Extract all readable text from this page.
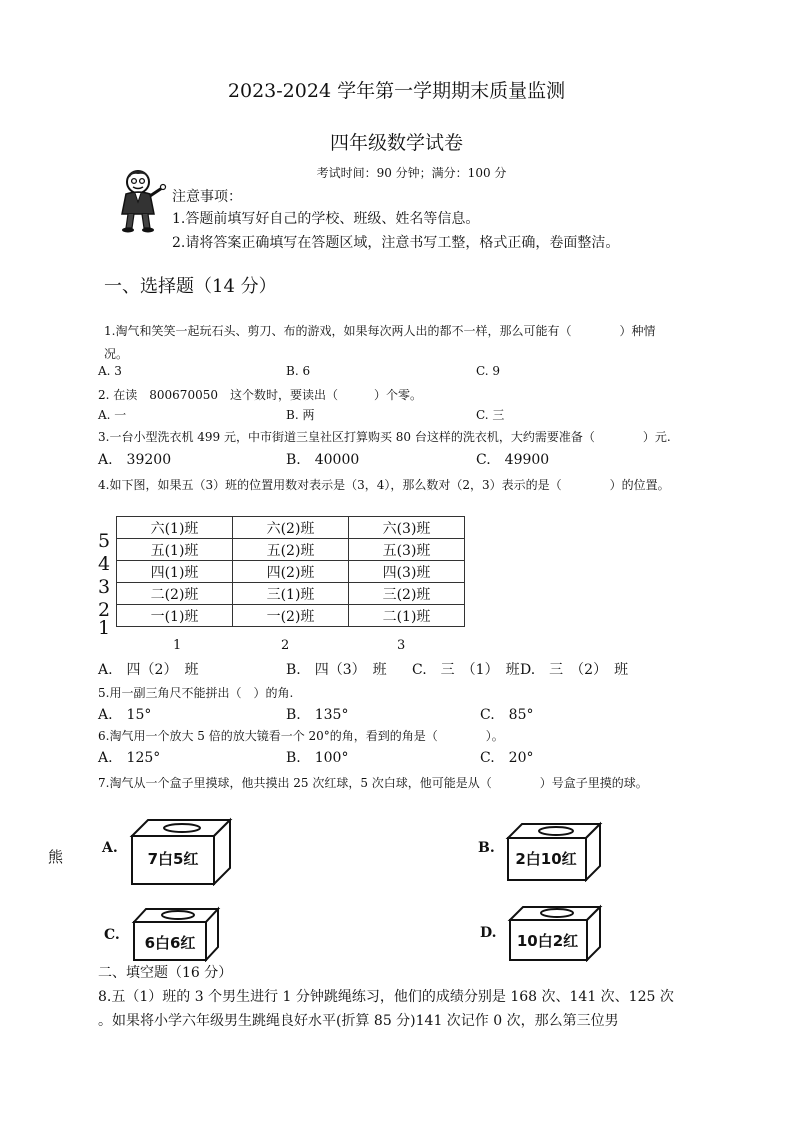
2023-2024 学年第一学期期末质量监测
四年级数学试卷
考试时间：90 分钟；满分：100 分
注意事项：
1.答题前填写好自己的学校、班级、姓名等信息。
2.请将答案正确填写在答题区域，注意书写工整，格式正确，卷面整洁。
一、选择题（14 分）
1.淘气和笑笑一起玩石头、剪刀、布的游戏，如果每次两人出的都不一样，那么可能有（　　　　）种情
况。
A. 3	B. 6	C. 9
2. 在读　800670050　这个数时，要读出（　　　）个零。
A. 一	B. 两	C. 三
3.一台小型洗衣机 499 元，中市街道三皇社区打算购买 80 台这样的洗衣机，大约需要准备（　　　　）元.
A.　39200	B.　40000	C.　49900
4.如下图，如果五（3）班的位置用数对表示是（3，4），那么数对（2，3）表示的是（　　　　）的位置。
5
4
3
2
1
六(1)班	六(2)班	六(3)班
五(1)班	五(2)班	五(3)班
四(1)班	四(2)班	四(3)班
二(2)班	三(1)班	三(2)班
一(1)班	一(2)班	二(1)班
1	2	3
A.　四（2）　班	B.　四（3）　班 C.　三　（1）　班 D.　三　（2）　班
5.用一副三角尺不能拼出（　）的角.
A.　15°	B.　135°	C.　85°
6.淘气用一个放大 5 倍的放大镜看一个 20°的角，看到的角是（　　　　）。
A.　125°	B.　100°	C.　20°
7.淘气从一个盒子里摸球，他共摸出 25 次红球，5 次白球，他可能是从（　　　　）号盒子里摸的球。
熊	A.
7白5红
B.
2白10红
C.	6白6红
D.	10白2红
二、填空题（16 分）
8.五（1）班的 3 个男生进行 1 分钟跳绳练习，他们的成绩分别是 168 次、141 次、125 次
。如果将小学六年级男生跳绳良好水平(折算 85 分)141 次记作 0 次，那么第三位男
